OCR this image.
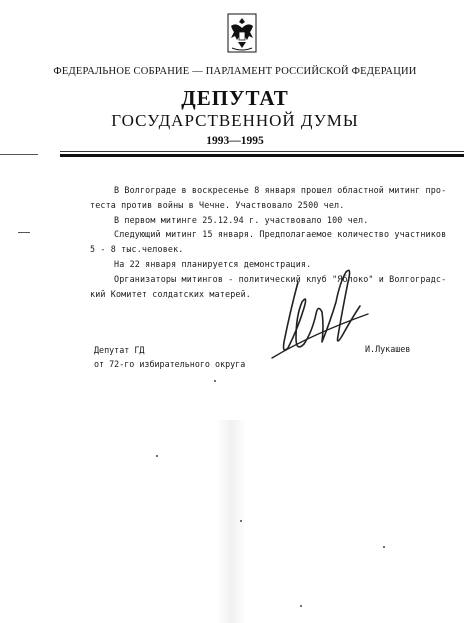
ФЕДЕРАЛЬНОЕ СОБРАНИЕ — ПАРЛАМЕНТ РОССИЙСКОЙ ФЕДЕРАЦИИ
ДЕПУТАТ
ГОСУДАРСТВЕННОЙ ДУМЫ
1993—1995

В Волгограде в воскресенье 8 января прошел областной митинг про-

теста против войны в Чечне. Участвовало 2500 чел.

В первом митинге 25.12.94 г. участвовало 100 чел.

Следующий митинг 15 января. Предполагаемое количество участников

5 - 8 тыс.человек.

На 22 января планируется демонстрация.

Организаторы митингов - политический клуб "Яблоко" и Волгоградс-

кий Комитет солдатских матерей.

Депутат ГД

от 72-го избирательного округа

И.Лукашев
